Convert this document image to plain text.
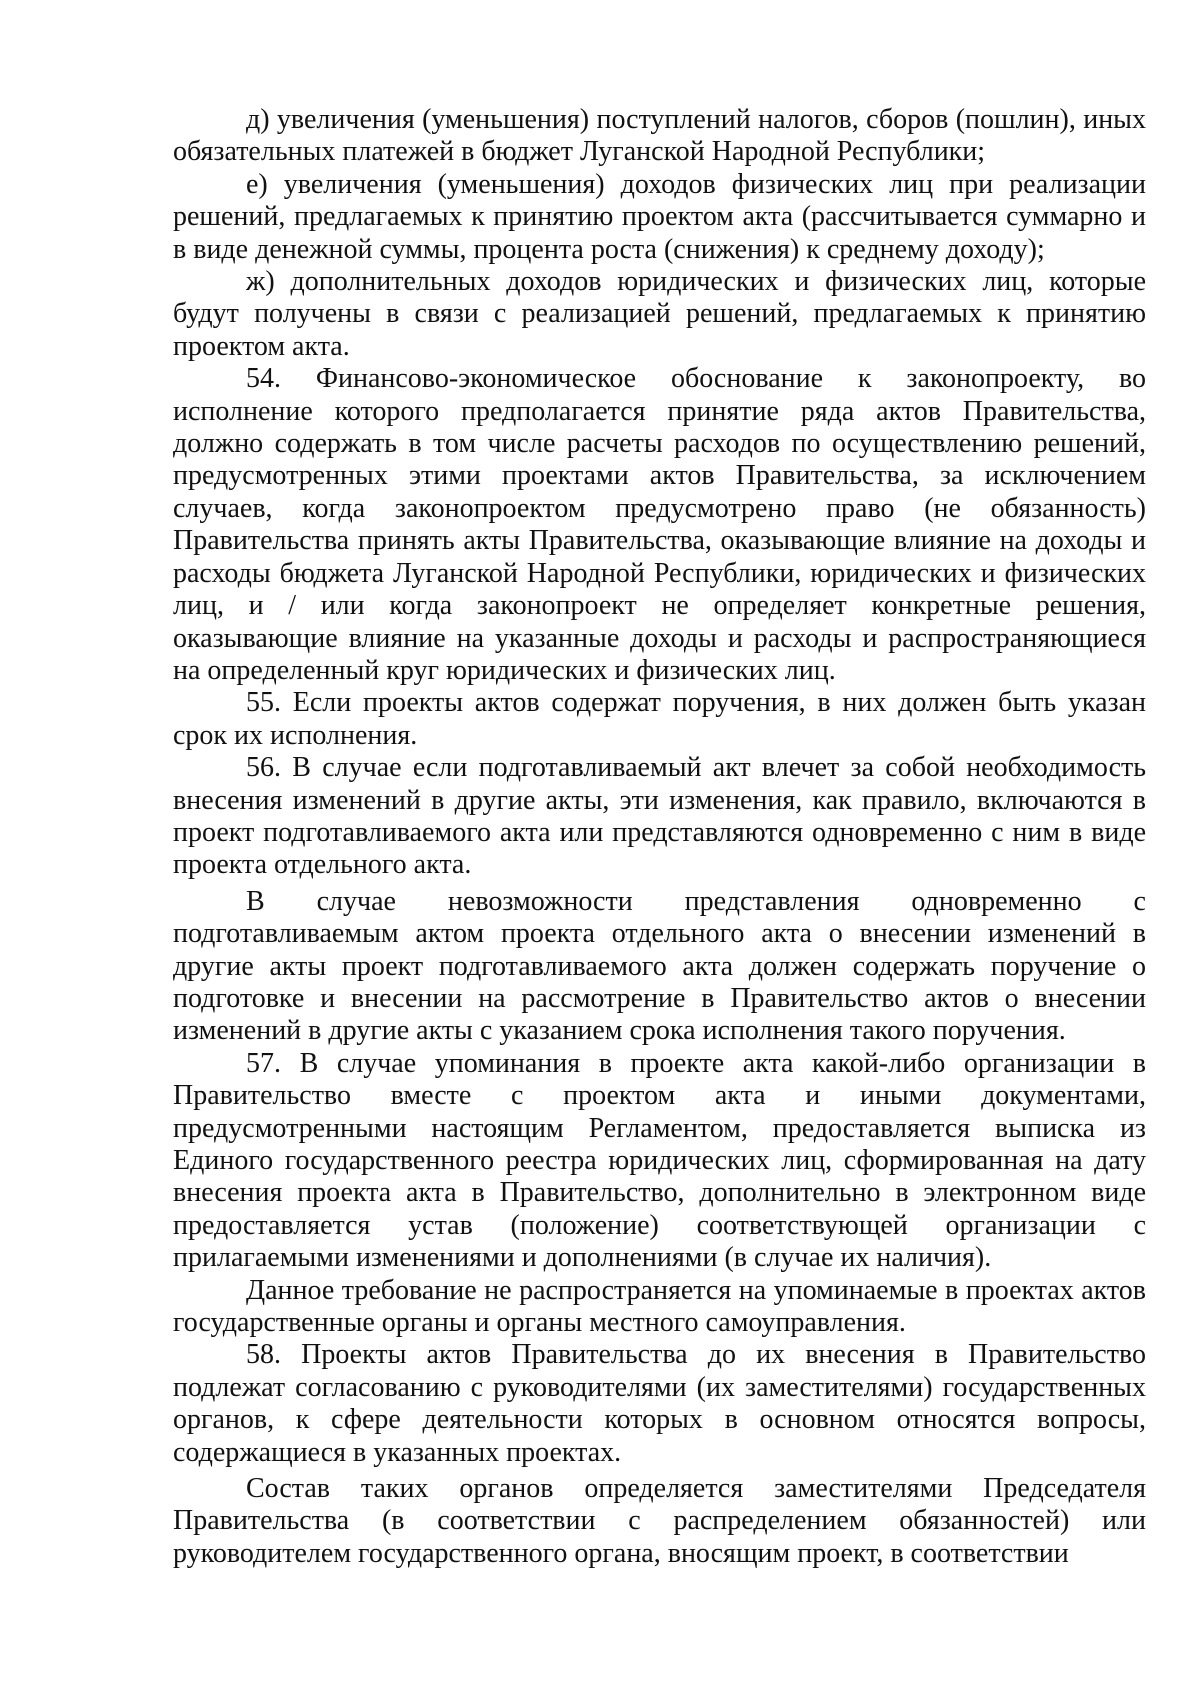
д) увеличения (уменьшения) поступлений налогов, сборов (пошлин), иных обязательных платежей в бюджет Луганской Народной Республики;

е) увеличения (уменьшения) доходов физических лиц при реализации решений, предлагаемых к принятию проектом акта (рассчитывается суммарно и в виде денежной суммы, процента роста (снижения) к среднему доходу);

ж) дополнительных доходов юридических и физических лиц, которые будут получены в связи с реализацией решений, предлагаемых к принятию проектом акта.

54. Финансово-экономическое обоснование к законопроекту, во исполнение которого предполагается принятие ряда актов Правительства, должно содержать в том числе расчеты расходов по осуществлению решений, предусмотренных этими проектами актов Правительства, за исключением случаев, когда законопроектом предусмотрено право (не обязанность) Правительства принять акты Правительства, оказывающие влияние на доходы и расходы бюджета Луганской Народной Республики, юридических и физических лиц, и / или когда законопроект не определяет конкретные решения, оказывающие влияние на указанные доходы и расходы и распространяющиеся на определенный круг юридических и физических лиц.

55. Если проекты актов содержат поручения, в них должен быть указан срок их исполнения.

56. В случае если подготавливаемый акт влечет за собой необходимость внесения изменений в другие акты, эти изменения, как правило, включаются в проект подготавливаемого акта или представляются одновременно с ним в виде проекта отдельного акта.

В случае невозможности представления одновременно с подготавливаемым актом проекта отдельного акта о внесении изменений в другие акты проект подготавливаемого акта должен содержать поручение о подготовке и внесении на рассмотрение в Правительство актов о внесении изменений в другие акты с указанием срока исполнения такого поручения.

57. В случае упоминания в проекте акта какой-либо организации в Правительство вместе с проектом акта и иными документами, предусмотренными настоящим Регламентом, предоставляется выписка из Единого государственного реестра юридических лиц, сформированная на дату внесения проекта акта в Правительство, дополнительно в электронном виде предоставляется устав (положение) соответствующей организации с прилагаемыми изменениями и дополнениями (в случае их наличия).

Данное требование не распространяется на упоминаемые в проектах актов государственные органы и органы местного самоуправления.

58. Проекты актов Правительства до их внесения в Правительство подлежат согласованию с руководителями (их заместителями) государственных органов, к сфере деятельности которых в основном относятся вопросы, содержащиеся в указанных проектах.

Состав таких органов определяется заместителями Председателя Правительства (в соответствии с распределением обязанностей) или руководителем государственного органа, вносящим проект, в соответствии
